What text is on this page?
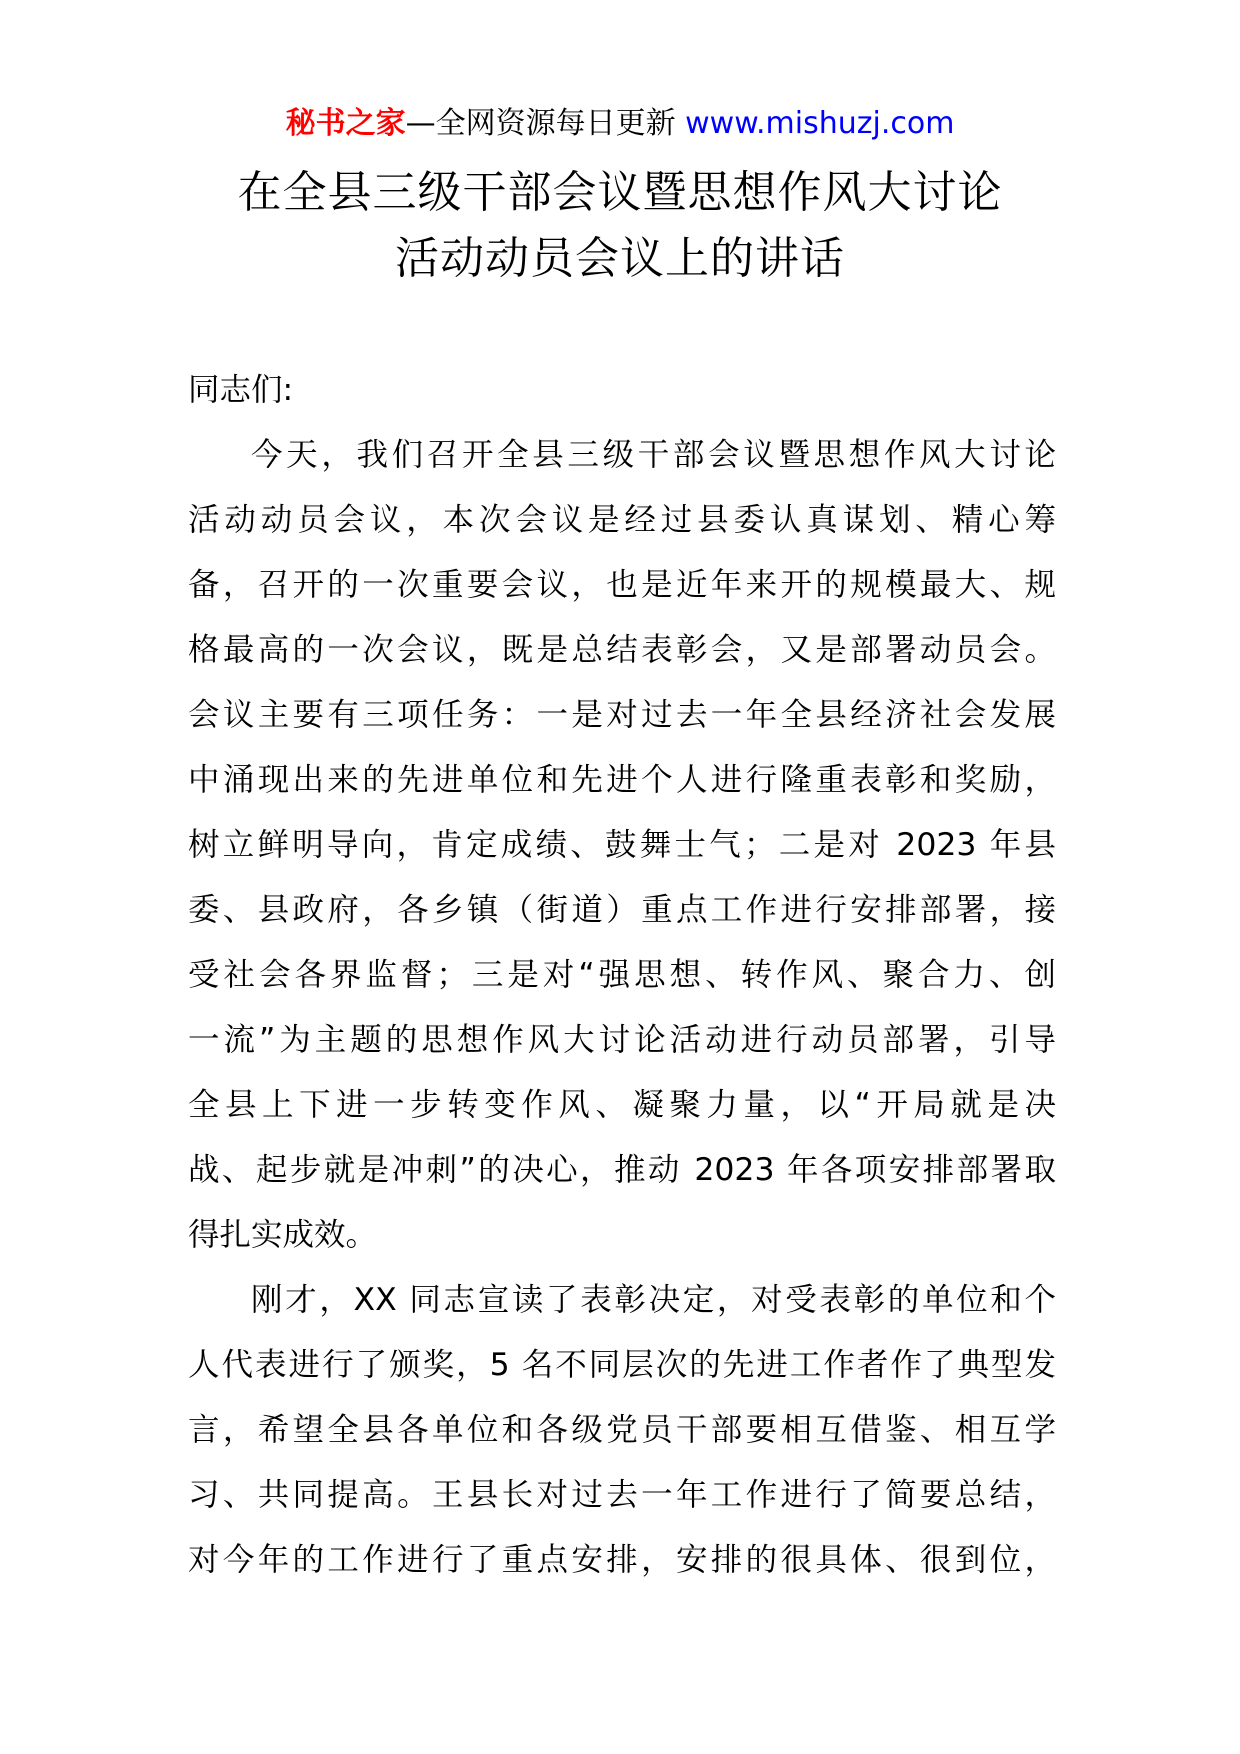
秘书之家—全网资源每日更新 www.mishuzj.com
在全县三级干部会议暨思想作风大讨论
活动动员会议上的讲话
同志们:
今天，我们召开全县三级干部会议暨思想作风大讨论
活动动员会议，本次会议是经过县委认真谋划、精心筹
备，召开的一次重要会议，也是近年来开的规模最大、规
格最高的一次会议，既是总结表彰会，又是部署动员会。
会议主要有三项任务：一是对过去一年全县经济社会发展
中涌现出来的先进单位和先进个人进行隆重表彰和奖励，
树立鲜明导向，肯定成绩、鼓舞士气；二是对 2023 年县
委、县政府，各乡镇（街道）重点工作进行安排部署，接
受社会各界监督；三是对“强思想、转作风、聚合力、创
一流”为主题的思想作风大讨论活动进行动员部署，引导
全县上下进一步转变作风、凝聚力量，以“开局就是决
战、起步就是冲刺”的决心，推动 2023 年各项安排部署取
得扎实成效。
刚才，XX 同志宣读了表彰决定，对受表彰的单位和个
人代表进行了颁奖，5 名不同层次的先进工作者作了典型发
言，希望全县各单位和各级党员干部要相互借鉴、相互学
习、共同提高。王县长对过去一年工作进行了简要总结，
对今年的工作进行了重点安排，安排的很具体、很到位，
